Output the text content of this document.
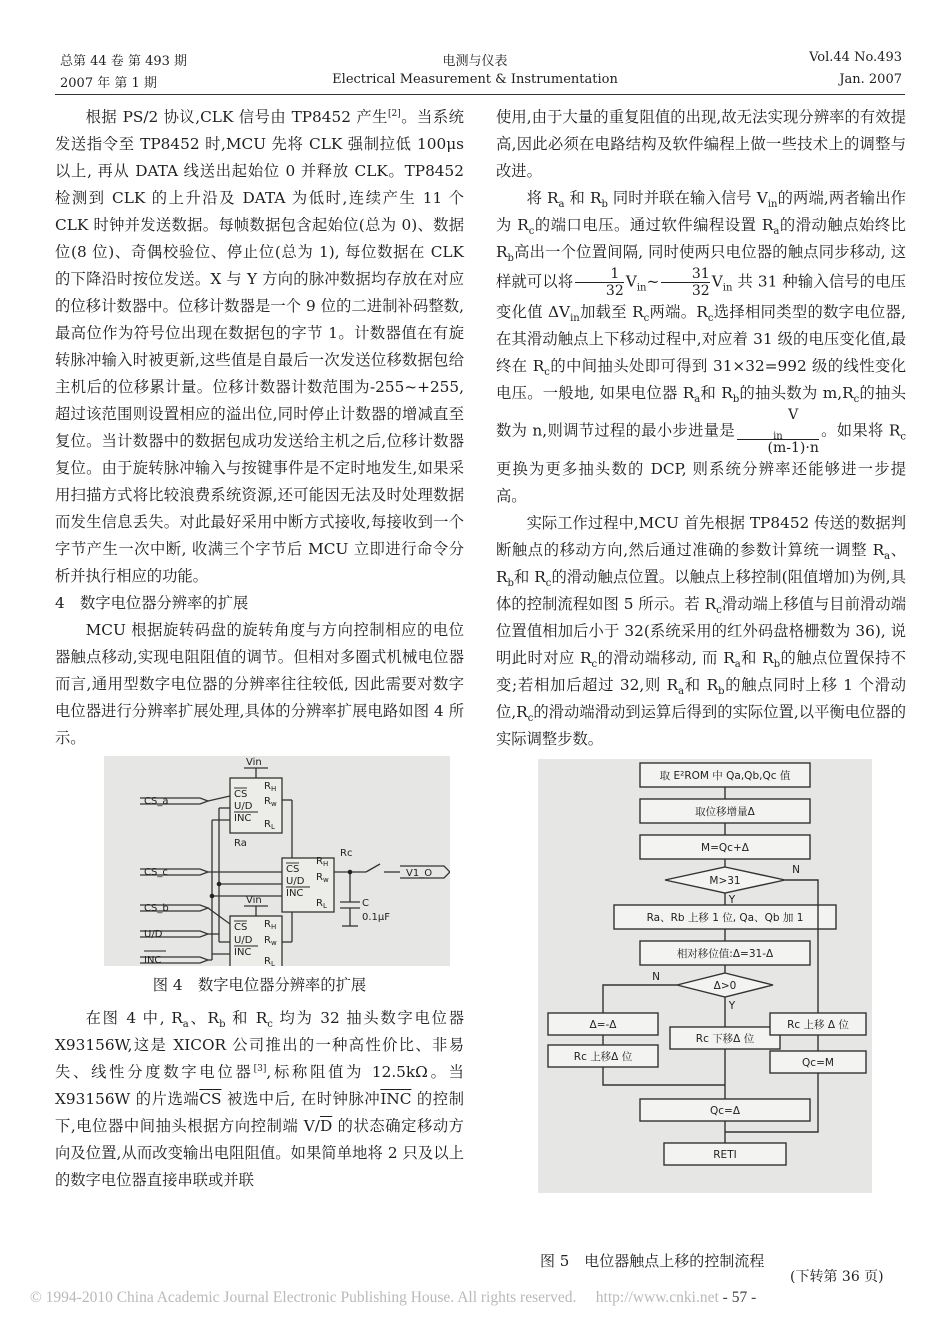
总第 44 卷 第 493 期
2007 年 第 1 期
电测与仪表
Electrical Measurement & Instrumentation
Vol.44 No.493
Jan. 2007

根据 PS/2 协议,CLK 信号由 TP8452 产生[2]。当系统发送指令至 TP8452 时,MCU 先将 CLK 强制拉低 100μs 以上, 再从 DATA 线送出起始位 0 并释放 CLK。TP8452 检测到 CLK 的上升沿及 DATA 为低时,连续产生 11 个 CLK 时钟并发送数据。每帧数据包含起始位(总为 0)、数据位(8 位)、奇偶校验位、停止位(总为 1), 每位数据在 CLK 的下降沿时按位发送。X 与 Y 方向的脉冲数据均存放在对应的位移计数器中。位移计数器是一个 9 位的二进制补码整数,最高位作为符号位出现在数据包的字节 1。计数器值在有旋转脉冲输入时被更新,这些值是自最后一次发送位移数据包给主机后的位移累计量。位移计数器计数范围为-255~+255,超过该范围则设置相应的溢出位,同时停止计数器的增减直至复位。当计数器中的数据包成功发送给主机之后,位移计数器复位。由于旋转脉冲输入与按键事件是不定时地发生,如果采用扫描方式将比较浪费系统资源,还可能因无法及时处理数据而发生信息丢失。对此最好采用中断方式接收,每接收到一个字节产生一次中断, 收满三个字节后 MCU 立即进行命令分析并执行相应的功能。

4　数字电位器分辨率的扩展

MCU 根据旋转码盘的旋转角度与方向控制相应的电位器触点移动,实现电阻阻值的调节。但相对多圈式机械电位器而言,通用型数字电位器的分辨率往往较低, 因此需要对数字电位器进行分辨率扩展处理,具体的分辨率扩展电路如图 4 所示。

Vin
Vin
CS_a
CS_c
CS_b
U/D
INC
CS
U/D
INC
$R_H$
$R_w$
$R_L$
Ra
CS
U/D
INC
$R_H$
$R_w$
$R_L$
Rc
V1_O
C
0.1μF
CS
U/D
INC
$R_H$
$R_w$
$R_L$
图 4　数字电位器分辨率的扩展

在图 4 中, $R_a$、$R_b$ 和 $R_c$ 均为 32 抽头数字电位器 X93156W,这是 XICOR 公司推出的一种高性价比、非易失、线性分度数字电位器[3],标称阻值为 12.5kΩ。当 X93156W 的片选端$\overline{CS}$ 被选中后, 在时钟脉冲$\overline{INC}$ 的控制下,电位器中间抽头根据方向控制端 $V/\overline{D}$ 的状态确定移动方向及位置,从而改变输出电阻阻值。如果简单地将 2 只及以上的数字电位器直接串联或并联

使用,由于大量的重复阻值的出现,故无法实现分辨率的有效提高,因此必须在电路结构及软件编程上做一些技术上的调整与改进。

将 $R_a$ 和 $R_b$ 同时并联在输入信号 $V_{in}$的两端,两者输出作为 $R_c$的端口电压。通过软件编程设置 $R_a$的滑动触点始终比 $R_b$高出一个位置间隔, 同时使两只电位器的触点同步移动, 这样就可以将 $\frac{1}{32}$ $V_{in}\sim \frac{31}{32} V_{in}$ 共 31 种输入信号的电压变化值 $\Delta V_{in}$加载至 $R_c$两端。$R_c$选择相同类型的数字电位器,在其滑动触点上下移动过程中,对应着 31 级的电压变化值,最终在 $R_c$的中间抽头处即可得到 31×32=992 级的线性变化电压。一般地, 如果电位器 $R_a$和 $R_b$的抽头数为 $m,R_c$的抽头数为 n,则调节过程的最小步进量是 V
$_{in}$
(m-1)·n 。如果将 $R_c$更换为更多抽头数的 DCP, 则系统分辨率还能够进一步提高。

实际工作过程中,MCU 首先根据 TP8452 传送的数据判断触点的移动方向,然后通过准确的参数计算统一调整 $R_a$、$R_b$和 $R_c$的滑动触点位置。以触点上移控制(阻值增加)为例,具体的控制流程如图 5 所示。若 $R_c$滑动端上移值与目前滑动端位置值相加后小于 32(系统采用的红外码盘格栅数为 36), 说明此时对应 $R_c$的滑动端移动, 而 $R_a$和 $R_b$的触点位置保持不变;若相加后超过 32,则 $R_a$和 $R_b$的触点同时上移 1 个滑动位$,R_c$的滑动端滑动到运算后得到的实际位置,以平衡电位器的实际调整步数。

取 E²ROM 中 Qa,Qb,Qc 值
取位移增量Δ
M=Qc+Δ
M>31
N
Y
Ra、Rb 上移 1 位, Qa、Qb 加 1
相对移位值:Δ=31-Δ
Δ>0
N
Y
Δ=-Δ
Rc 上移Δ 位
Rc 下移Δ 位
Rc 上移 Δ 位
Qc=M
Qc=Δ
RETI
图 5　电位器触点上移的控制流程
(下转第 36 页)
© 1994-2010 China Academic Journal Electronic Publishing House. All rights reserved.　 http://www.cnki.net - 57 -
